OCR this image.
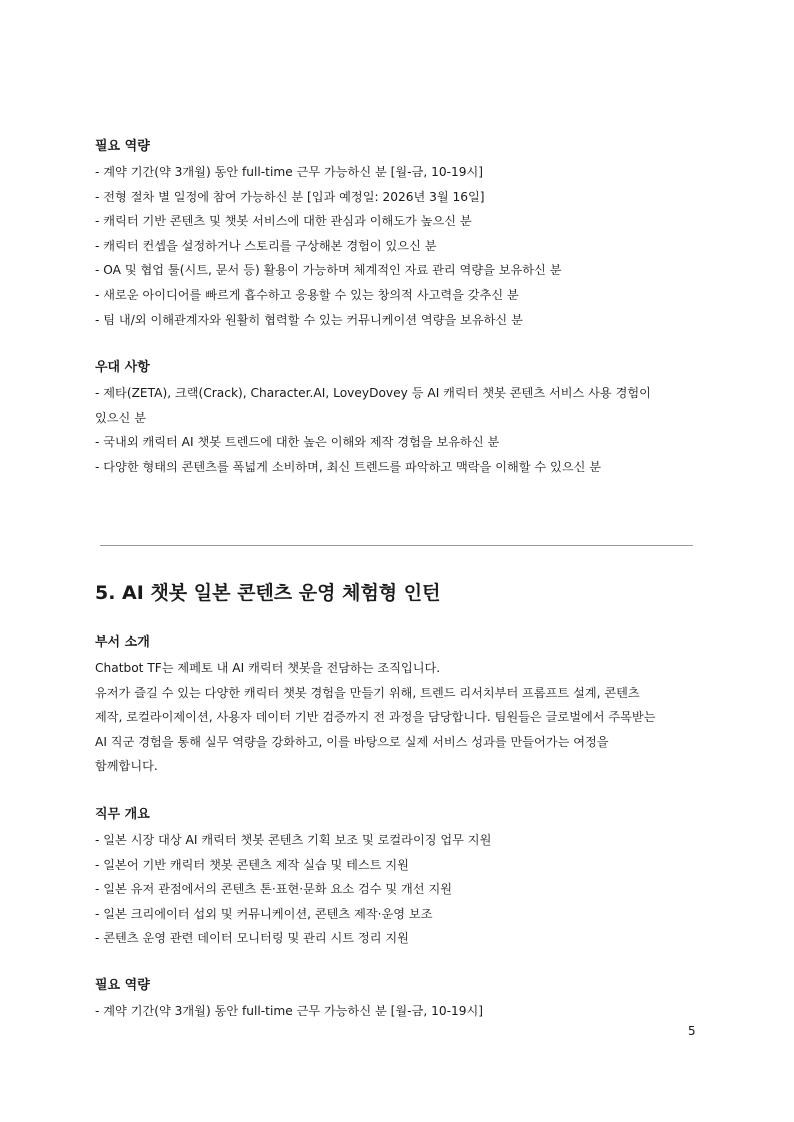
필요 역량

- 계약 기간(약 3개월) 동안 full-time 근무 가능하신 분 [월-금, 10-19시]

- 전형 절차 별 일정에 참여 가능하신 분 [입과 예정일: 2026년 3월 16일]

- 캐릭터 기반 콘텐츠 및 챗봇 서비스에 대한 관심과 이해도가 높으신 분

- 캐릭터 컨셉을 설정하거나 스토리를 구상해본 경험이 있으신 분

- OA 및 협업 툴(시트, 문서 등) 활용이 가능하며 체계적인 자료 관리 역량을 보유하신 분

- 새로운 아이디어를 빠르게 흡수하고 응용할 수 있는 창의적 사고력을 갖추신 분

- 팀 내/외 이해관계자와 원활히 협력할 수 있는 커뮤니케이션 역량을 보유하신 분

우대 사항

- 제타(ZETA), 크랙(Crack), Character.AI, LoveyDovey 등 AI 캐릭터 챗봇 콘텐츠 서비스 사용 경험이

있으신 분

- 국내외 캐릭터 AI 챗봇 트렌드에 대한 높은 이해와 제작 경험을 보유하신 분

- 다양한 형태의 콘텐츠를 폭넓게 소비하며, 최신 트렌드를 파악하고 맥락을 이해할 수 있으신 분

5. AI 챗봇 일본 콘텐츠 운영 체험형 인턴

부서 소개

Chatbot TF는 제페토 내 AI 캐릭터 챗봇을 전담하는 조직입니다.

유저가 즐길 수 있는 다양한 캐릭터 챗봇 경험을 만들기 위해, 트렌드 리서치부터 프롬프트 설계, 콘텐츠

제작, 로컬라이제이션, 사용자 데이터 기반 검증까지 전 과정을 담당합니다. 팀원들은 글로벌에서 주목받는

AI 직군 경험을 통해 실무 역량을 강화하고, 이를 바탕으로 실제 서비스 성과를 만들어가는 여정을

함께합니다.

직무 개요

- 일본 시장 대상 AI 캐릭터 챗봇 콘텐츠 기획 보조 및 로컬라이징 업무 지원

- 일본어 기반 캐릭터 챗봇 콘텐츠 제작 실습 및 테스트 지원

- 일본 유저 관점에서의 콘텐츠 톤·표현·문화 요소 검수 및 개선 지원

- 일본 크리에이터 섭외 및 커뮤니케이션, 콘텐츠 제작·운영 보조

- 콘텐츠 운영 관련 데이터 모니터링 및 관리 시트 정리 지원

필요 역량

- 계약 기간(약 3개월) 동안 full-time 근무 가능하신 분 [월-금, 10-19시]

5
